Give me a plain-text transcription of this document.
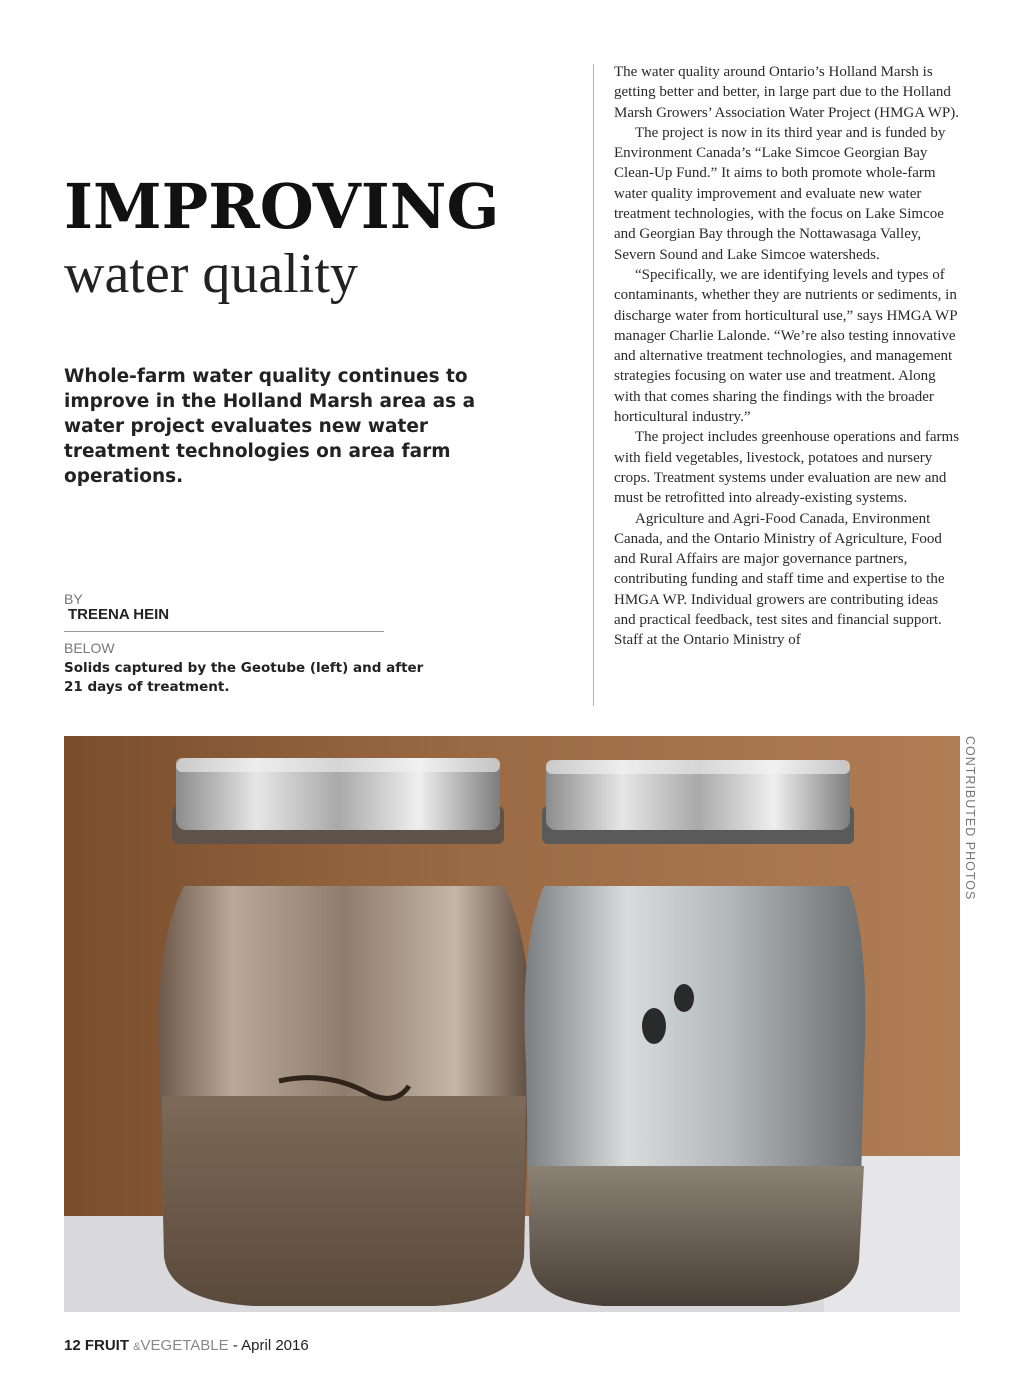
IMPROVING
water quality

Whole-farm water quality continues to improve in the Holland Marsh area as a water project evaluates new water treatment technologies on area farm operations.

BY
TREENA HEIN
BELOW

Solids captured by the Geotube (left) and after
21 days of treatment.

The water quality around Ontario’s Holland Marsh is getting better and better, in large part due to the Holland Marsh Growers’ Association Water Project (HMGA WP).

The project is now in its third year and is funded by Environment Canada’s “Lake Simcoe Georgian Bay Clean-Up Fund.” It aims to both promote whole-farm water quality improvement and evaluate new water treatment technologies, with the focus on Lake Simcoe and Georgian Bay through the Nottawasaga Valley, Severn Sound and Lake Simcoe watersheds.

“Specifically, we are identifying levels and types of contaminants, whether they are nutrients or sediments, in discharge water from horticultural use,” says HMGA WP manager Charlie Lalonde. “We’re also testing innovative and alternative treatment technologies, and management strategies focusing on water use and treatment. Along with that comes sharing the findings with the broader horticultural industry.”

The project includes greenhouse operations and farms with field vegetables, livestock, potatoes and nursery crops. Treatment systems under evaluation are new and must be retrofitted into already-existing systems.

Agriculture and Agri-Food Canada, Environment Canada, and the Ontario Ministry of Agriculture, Food and Rural Affairs are major governance partners, contributing funding and staff time and expertise to the HMGA WP. Individual growers are contributing ideas and practical feedback, test sites and financial support. Staff at the Ontario Ministry of

CONTRIBUTED PHOTOS
12 FRUIT &VEGETABLE - April 2016
